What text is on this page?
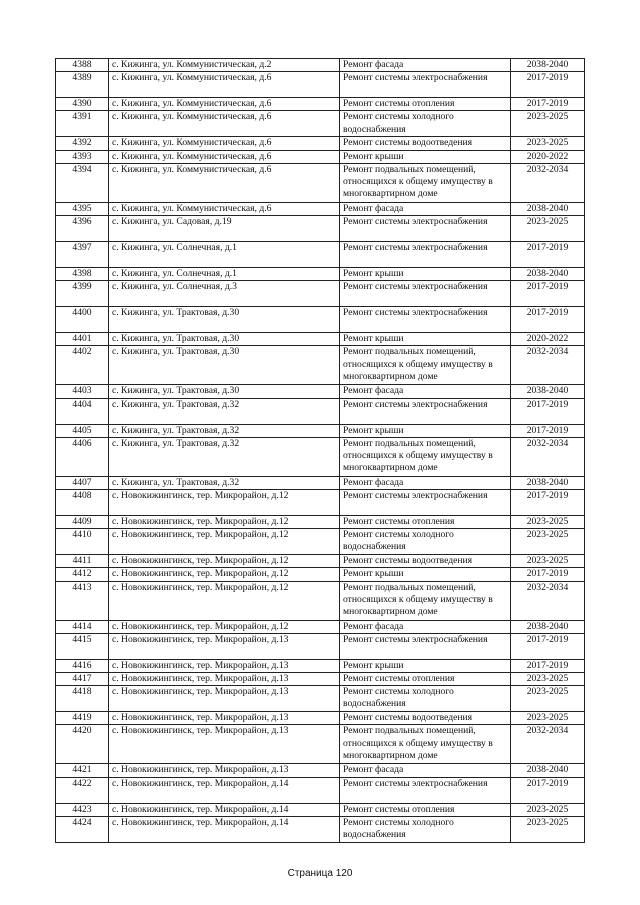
4388	с. Кижинга, ул. Коммунистическая, д.2	Ремонт фасада	2038-2040
4389	с. Кижинга, ул. Коммунистическая, д.6	Ремонт системы электроснабжения	2017-2019
4390	с. Кижинга, ул. Коммунистическая, д.6	Ремонт системы отопления	2017-2019
4391	с. Кижинга, ул. Коммунистическая, д.6	Ремонт системы холодного водоснабжения	2023-2025
4392	с. Кижинга, ул. Коммунистическая, д.6	Ремонт системы водоотведения	2023-2025
4393	с. Кижинга, ул. Коммунистическая, д.6	Ремонт крыши	2020-2022
4394	с. Кижинга, ул. Коммунистическая, д.6	Ремонт подвальных помещений, относящихся к общему имуществу в многоквартирном доме	2032-2034
4395	с. Кижинга, ул. Коммунистическая, д.6	Ремонт фасада	2038-2040
4396	с. Кижинга, ул. Садовая, д.19	Ремонт системы электроснабжения	2023-2025
4397	с. Кижинга, ул. Солнечная, д.1	Ремонт системы электроснабжения	2017-2019
4398	с. Кижинга, ул. Солнечная, д.1	Ремонт крыши	2038-2040
4399	с. Кижинга, ул. Солнечная, д.3	Ремонт системы электроснабжения	2017-2019
4400	с. Кижинга, ул. Трактовая, д.30	Ремонт системы электроснабжения	2017-2019
4401	с. Кижинга, ул. Трактовая, д.30	Ремонт крыши	2020-2022
4402	с. Кижинга, ул. Трактовая, д.30	Ремонт подвальных помещений, относящихся к общему имуществу в многоквартирном доме	2032-2034
4403	с. Кижинга, ул. Трактовая, д.30	Ремонт фасада	2038-2040
4404	с. Кижинга, ул. Трактовая, д.32	Ремонт системы электроснабжения	2017-2019
4405	с. Кижинга, ул. Трактовая, д.32	Ремонт крыши	2017-2019
4406	с. Кижинга, ул. Трактовая, д.32	Ремонт подвальных помещений, относящихся к общему имуществу в многоквартирном доме	2032-2034
4407	с. Кижинга, ул. Трактовая, д.32	Ремонт фасада	2038-2040
4408	с. Новокижингинск, тер. Микрорайон, д.12	Ремонт системы электроснабжения	2017-2019
4409	с. Новокижингинск, тер. Микрорайон, д.12	Ремонт системы отопления	2023-2025
4410	с. Новокижингинск, тер. Микрорайон, д.12	Ремонт системы холодного водоснабжения	2023-2025
4411	с. Новокижингинск, тер. Микрорайон, д.12	Ремонт системы водоотведения	2023-2025
4412	с. Новокижингинск, тер. Микрорайон, д.12	Ремонт крыши	2017-2019
4413	с. Новокижингинск, тер. Микрорайон, д.12	Ремонт подвальных помещений, относящихся к общему имуществу в многоквартирном доме	2032-2034
4414	с. Новокижингинск, тер. Микрорайон, д.12	Ремонт фасада	2038-2040
4415	с. Новокижингинск, тер. Микрорайон, д.13	Ремонт системы электроснабжения	2017-2019
4416	с. Новокижингинск, тер. Микрорайон, д.13	Ремонт крыши	2017-2019
4417	с. Новокижингинск, тер. Микрорайон, д.13	Ремонт системы отопления	2023-2025
4418	с. Новокижингинск, тер. Микрорайон, д.13	Ремонт системы холодного водоснабжения	2023-2025
4419	с. Новокижингинск, тер. Микрорайон, д.13	Ремонт системы водоотведения	2023-2025
4420	с. Новокижингинск, тер. Микрорайон, д.13	Ремонт подвальных помещений, относящихся к общему имуществу в многоквартирном доме	2032-2034
4421	с. Новокижингинск, тер. Микрорайон, д.13	Ремонт фасада	2038-2040
4422	с. Новокижингинск, тер. Микрорайон, д.14	Ремонт системы электроснабжения	2017-2019
4423	с. Новокижингинск, тер. Микрорайон, д.14	Ремонт системы отопления	2023-2025
4424	с. Новокижингинск, тер. Микрорайон, д.14	Ремонт системы холодного водоснабжения	2023-2025
Страница 120
